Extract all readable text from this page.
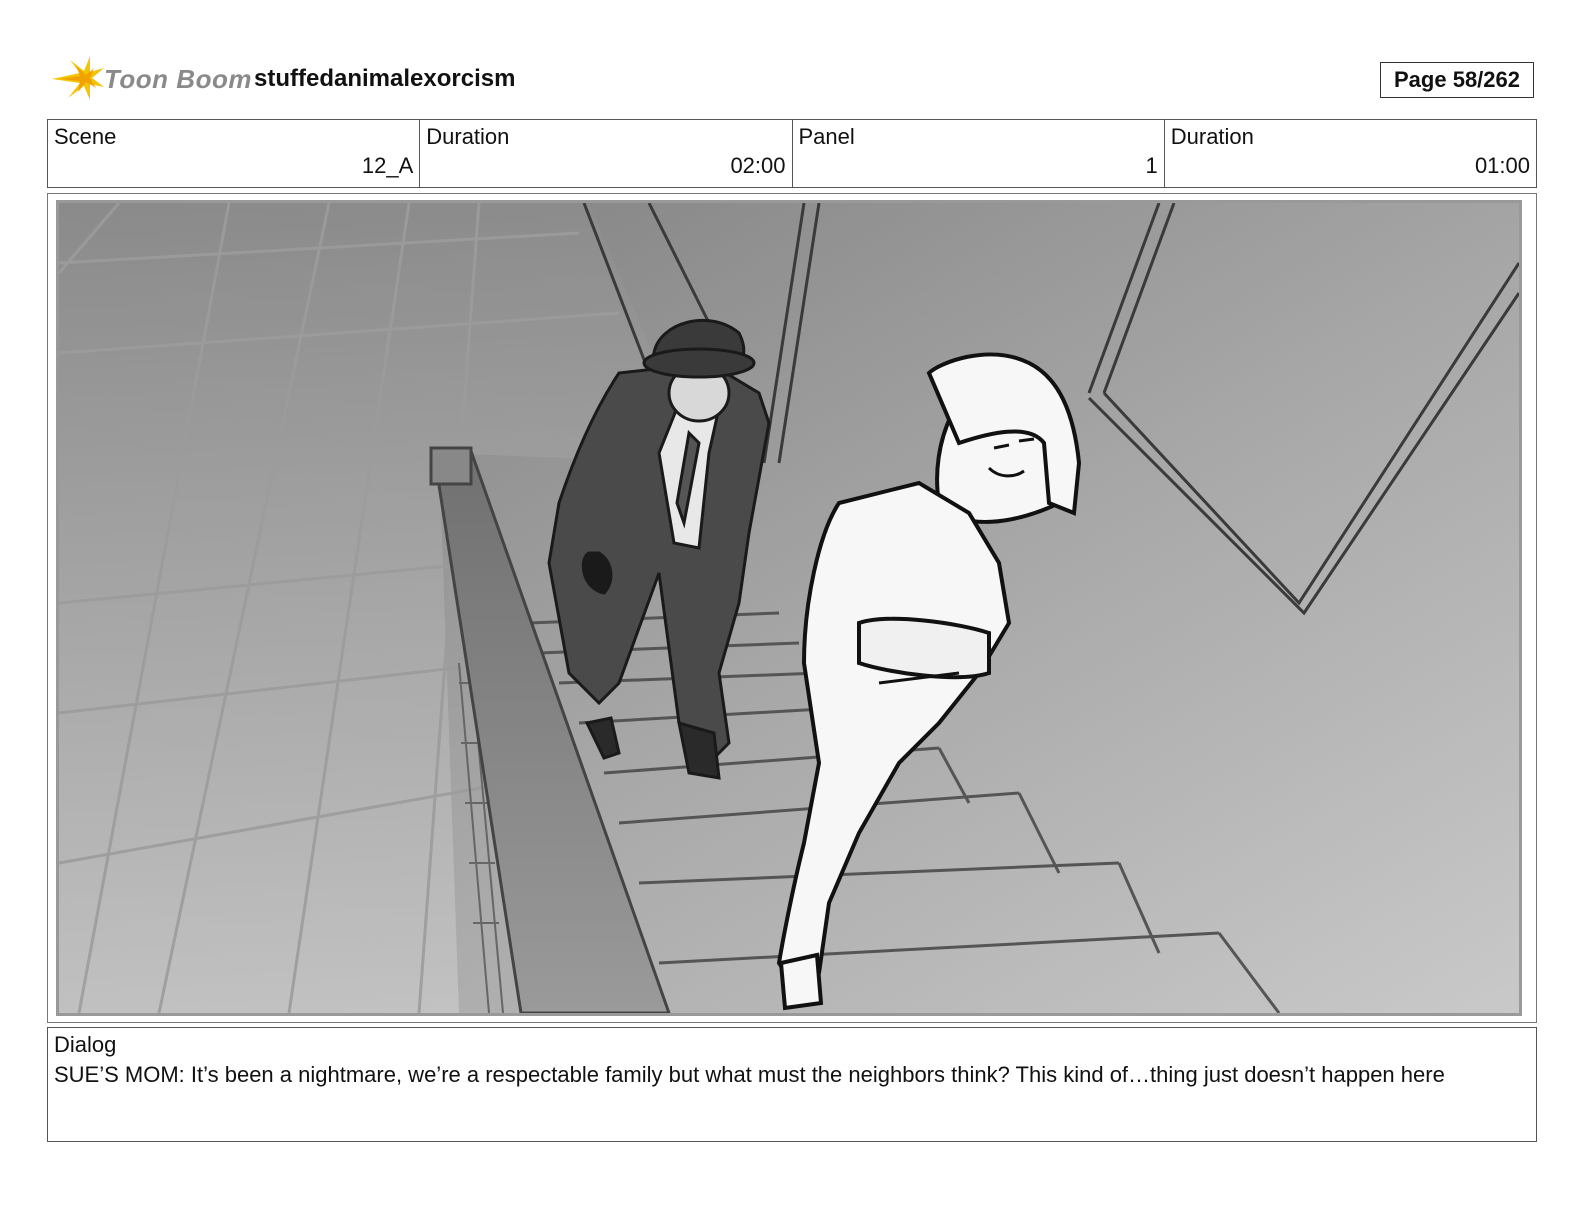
Toon Boom stuffedanimalexorcism	Page 58/262
Scene
12_A
Duration
02:00
Panel
1
Duration
01:00
Dialog
SUE’S MOM: It’s been a nightmare, we’re a respectable family but what must the neighbors think? This kind of…thing just doesn’t happen here
